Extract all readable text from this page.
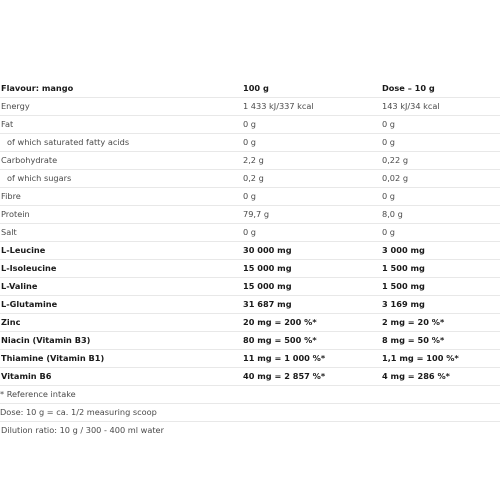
Flavour: mango	100 g	Dose – 10 g
Energy	1 433 kJ/337 kcal	143 kJ/34 kcal
Fat	0 g	0 g
of which saturated fatty acids	0 g	0 g
Carbohydrate	2,2 g	0,22 g
of which sugars	0,2 g	0,02 g
Fibre	0 g	0 g
Protein	79,7 g	8,0 g
Salt	0 g	0 g
L-Leucine	30 000 mg	3 000 mg
L-Isoleucine	15 000 mg	1 500 mg
L-Valine	15 000 mg	1 500 mg
L-Glutamine	31 687 mg	3 169 mg
Zinc	20 mg = 200 %*	2 mg = 20 %*
Niacin (Vitamin B3)	80 mg = 500 %*	8 mg = 50 %*
Thiamine (Vitamin B1)	11 mg = 1 000 %*	1,1 mg = 100 %*
Vitamin B6	40 mg = 2 857 %*	4 mg = 286 %*
* Reference intake
Dose: 10 g = ca. 1/2 measuring scoop
Dilution ratio: 10 g / 300 - 400 ml water
